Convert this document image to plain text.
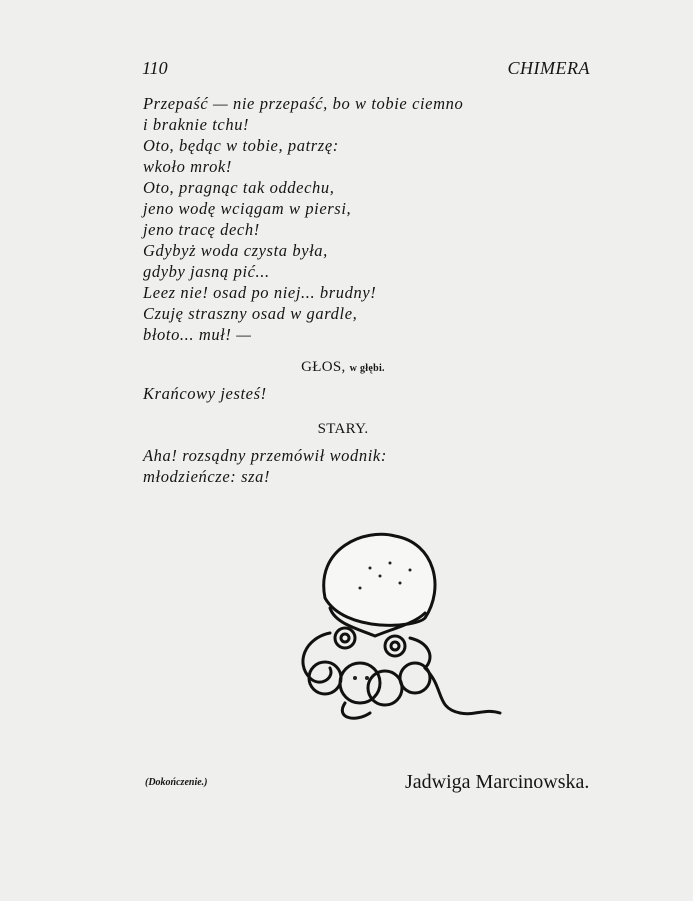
110	CHIMERA
Przepaść — nie przepaść, bo w tobie ciemno
i braknie tchu!
Oto, będąc w tobie, patrzę:
wkoło mrok!
Oto, pragnąc tak oddechu,
jeno wodę wciągam w piersi,
jeno tracę dech!
Gdybyż woda czysta była,
gdyby jasną pić...
Leez nie! osad po niej... brudny!
Czuję straszny osad w gardle,
błoto... muł! —
GŁOS, w głębi.
Krańcowy jesteś!
STARY.
Aha! rozsądny przemówił wodnik:
młodzieńcze: sza!
(Dokończenie.)	Jadwiga Marcinowska.
